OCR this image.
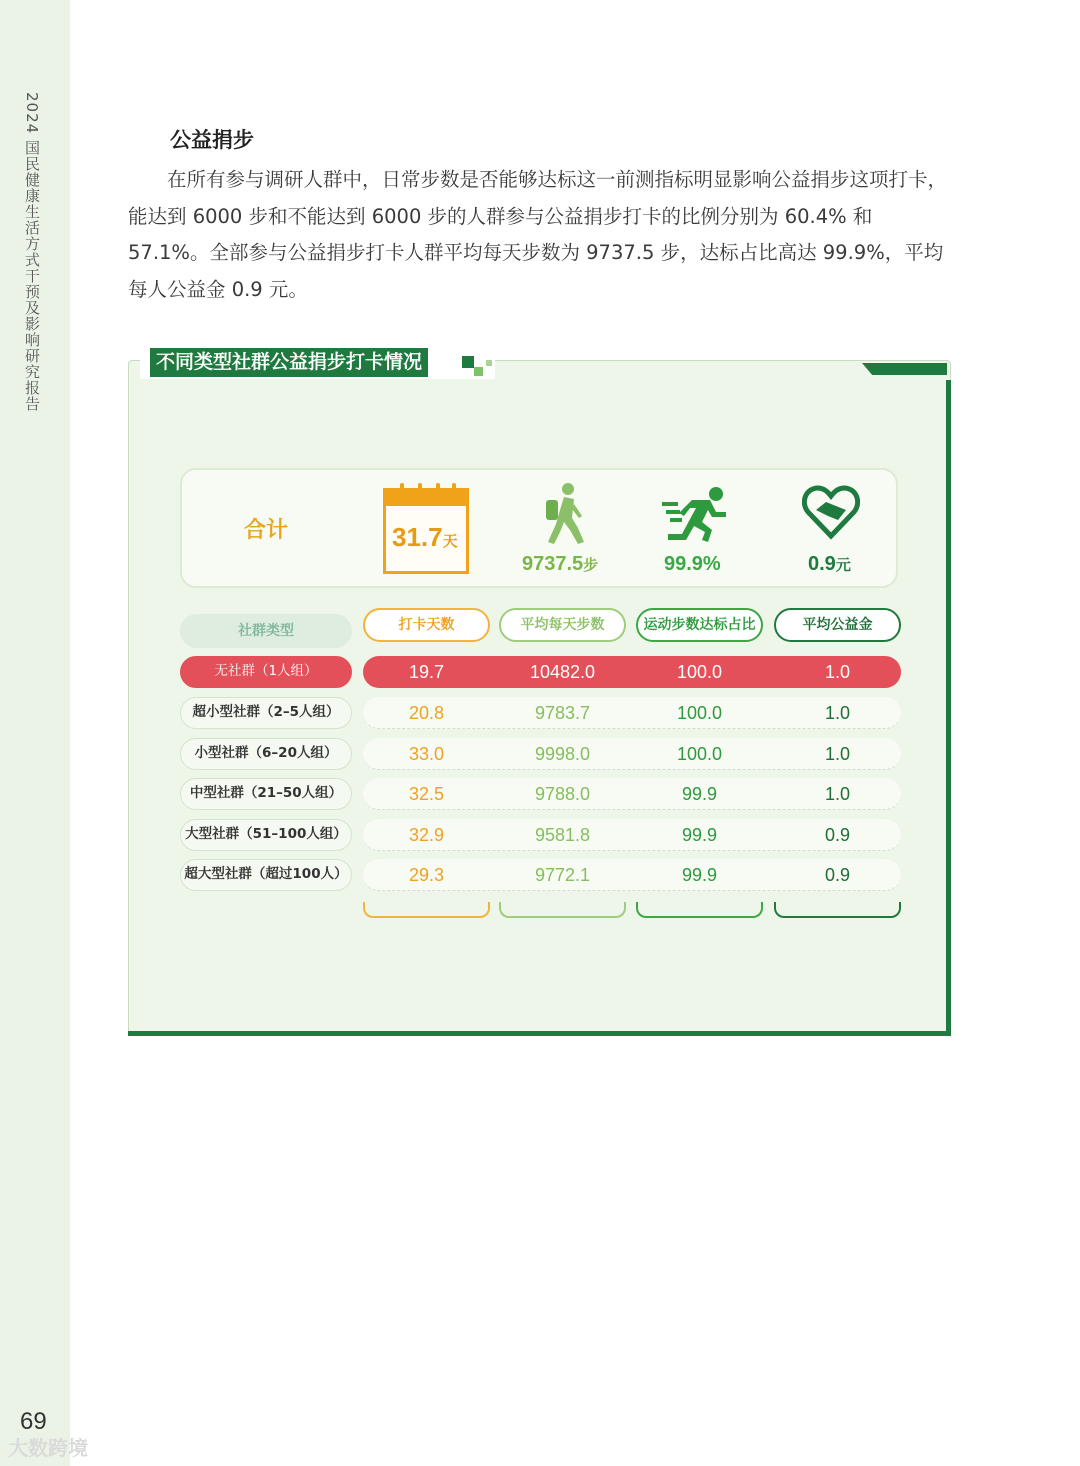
2024 国民健康生活方式干预及影响研究报告
69
大数跨境
公益捐步

在所有参与调研人群中，日常步数是否能够达标这一前测指标明显影响公益捐步这项打卡，能达到 6000 步和不能达到 6000 步的人群参与公益捐步打卡的比例分别为 60.4% 和 57.1%。全部参与公益捐步打卡人群平均每天步数为 9737.5 步，达标占比高达 99.9%，平均每人公益金 0.9 元。

不同类型社群公益捐步打卡情况
合计	31.7天
9737.5步	99.9%	0.9元
社群类型	打卡天数	平均每天步数	运动步数达标占比	平均公益金
无社群（1人组）	19.7	10482.0	100.0	1.0
超小型社群（2–5人组）	20.8	9783.7	100.0	1.0
小型社群（6–20人组）	33.0	9998.0	100.0	1.0
中型社群（21–50人组）	32.5	9788.0	99.9	1.0
大型社群（51–100人组）	32.9	9581.8	99.9	0.9
超大型社群（超过100人）	29.3	9772.1	99.9	0.9
